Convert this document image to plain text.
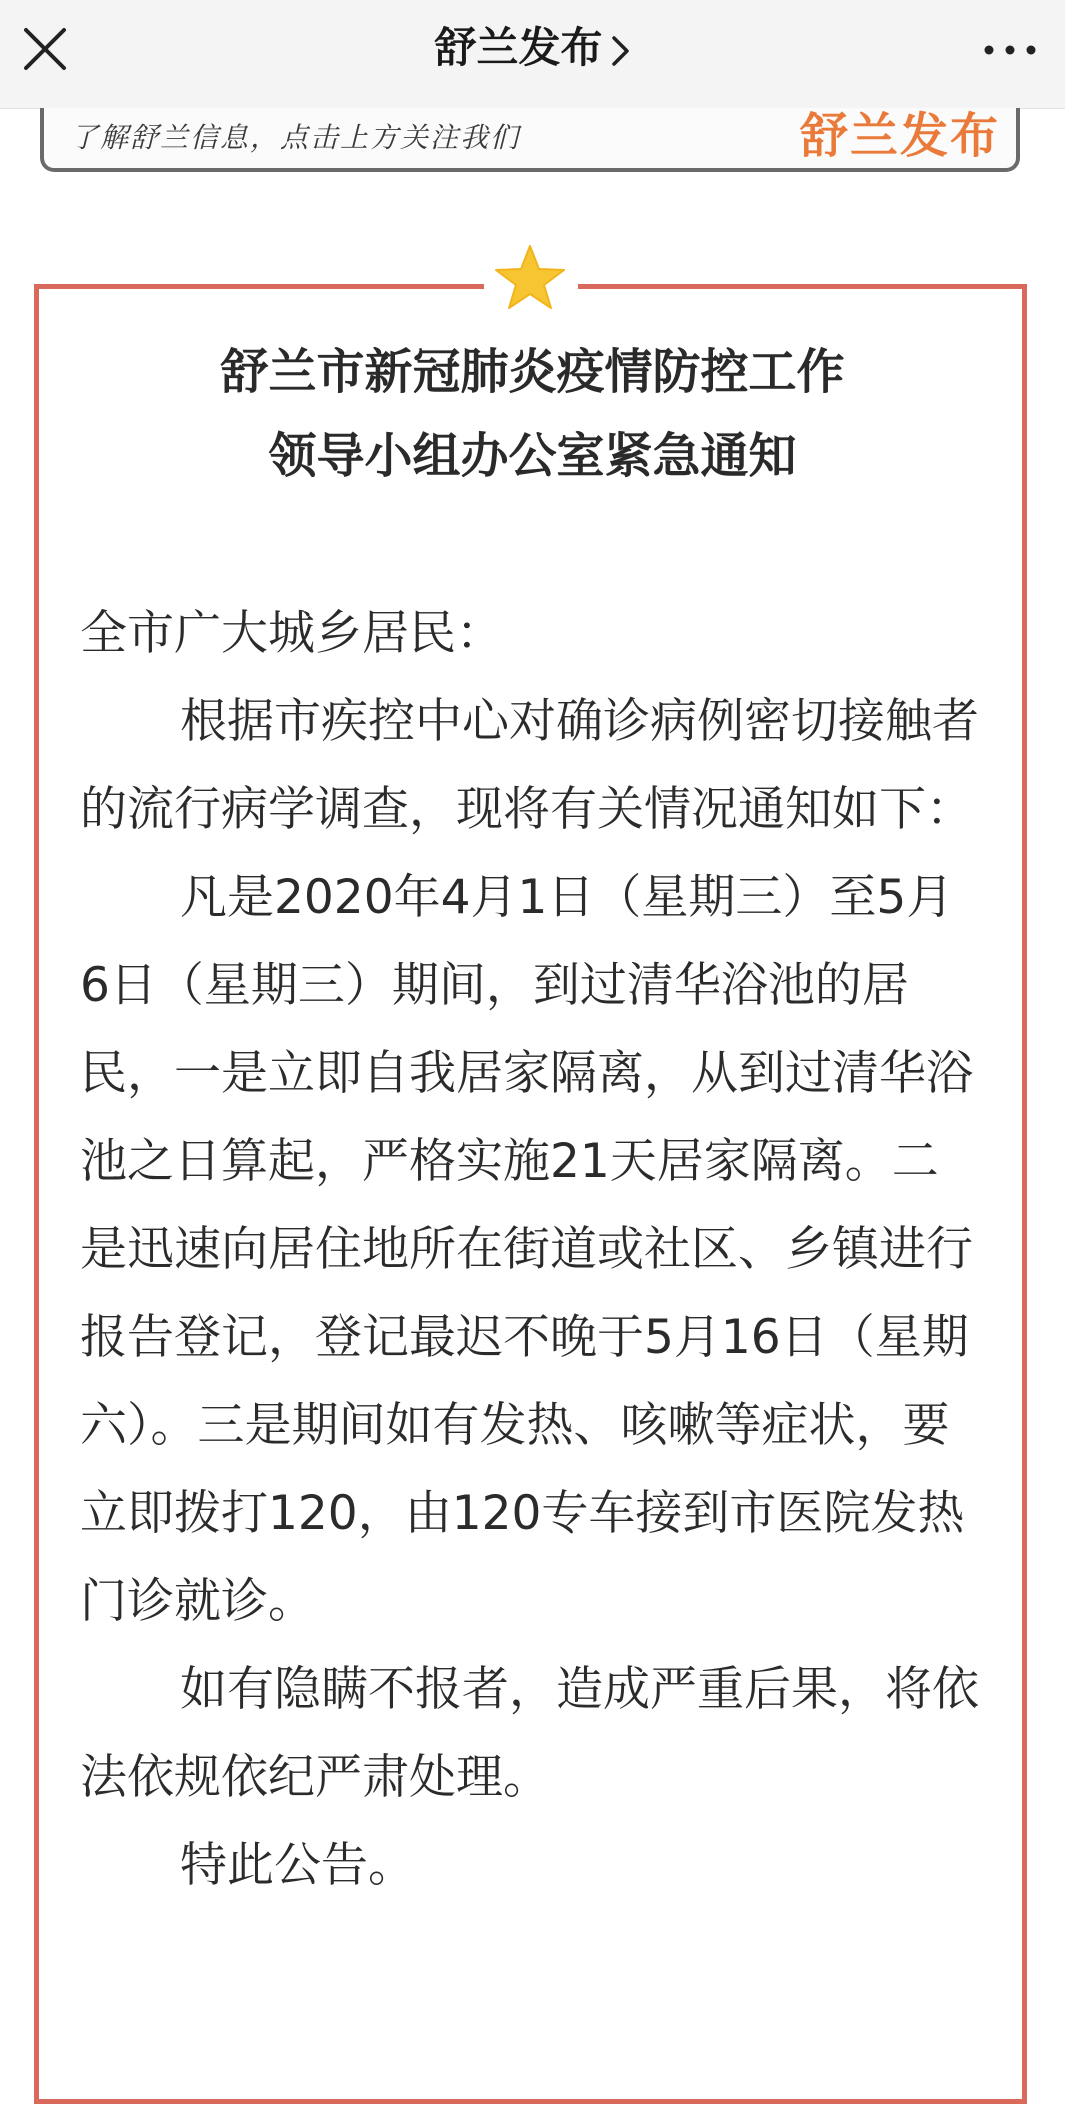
舒兰发布
了解舒兰信息，点击上方关注我们	舒兰发布
舒兰市新冠肺炎疫情防控工作
领导小组办公室紧急通知

全市广大城乡居民：

根据市疾控中心对确诊病例密切接触者的流行病学调查，现将有关情况通知如下：

凡是2020年4月1日（星期三）至5月6日（星期三）期间，到过清华浴池的居民，一是立即自我居家隔离，从到过清华浴池之日算起，严格实施21天居家隔离。二是迅速向居住地所在街道或社区、乡镇进行报告登记，登记最迟不晚于5月16日（星期六）。三是期间如有发热、咳嗽等症状，要立即拨打120，由120专车接到市医院发热门诊就诊。

如有隐瞒不报者，造成严重后果，将依法依规依纪严肃处理。

特此公告。
